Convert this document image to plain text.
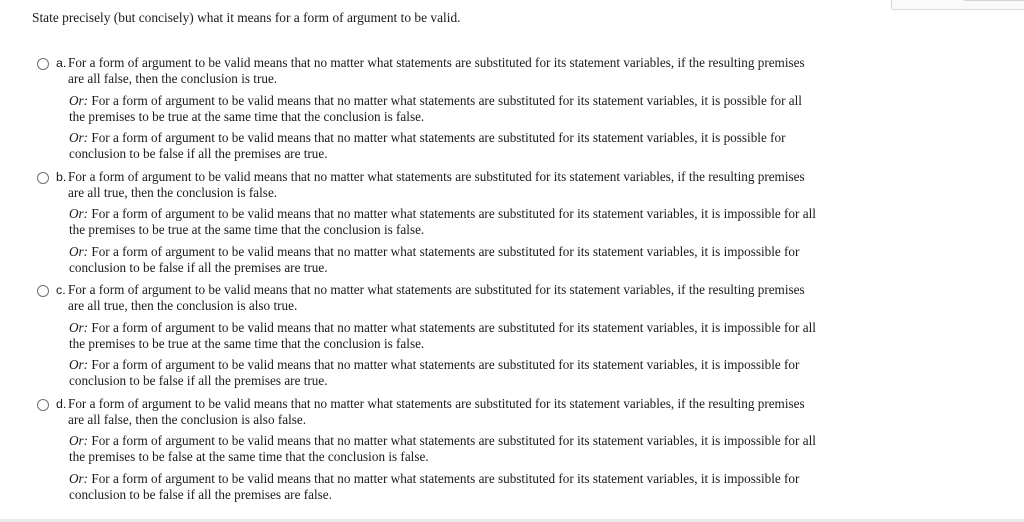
State precisely (but concisely) what it means for a form of argument to be valid.
a. For a form of argument to be valid means that no matter what statements are substituted for its statement variables, if the resulting premises are all false, then the conclusion is true.
Or: For a form of argument to be valid means that no matter what statements are substituted for its statement variables, it is possible for all the premises to be true at the same time that the conclusion is false.
Or: For a form of argument to be valid means that no matter what statements are substituted for its statement variables, it is possible for conclusion to be false if all the premises are true.
b. For a form of argument to be valid means that no matter what statements are substituted for its statement variables, if the resulting premises are all true, then the conclusion is false.
Or: For a form of argument to be valid means that no matter what statements are substituted for its statement variables, it is impossible for all the premises to be true at the same time that the conclusion is false.
Or: For a form of argument to be valid means that no matter what statements are substituted for its statement variables, it is impossible for conclusion to be false if all the premises are true.
c. For a form of argument to be valid means that no matter what statements are substituted for its statement variables, if the resulting premises are all true, then the conclusion is also true.
Or: For a form of argument to be valid means that no matter what statements are substituted for its statement variables, it is impossible for all the premises to be true at the same time that the conclusion is false.
Or: For a form of argument to be valid means that no matter what statements are substituted for its statement variables, it is impossible for conclusion to be false if all the premises are true.
d. For a form of argument to be valid means that no matter what statements are substituted for its statement variables, if the resulting premises are all false, then the conclusion is also false.
Or: For a form of argument to be valid means that no matter what statements are substituted for its statement variables, it is impossible for all the premises to be false at the same time that the conclusion is false.
Or: For a form of argument to be valid means that no matter what statements are substituted for its statement variables, it is impossible for conclusion to be false if all the premises are false.
